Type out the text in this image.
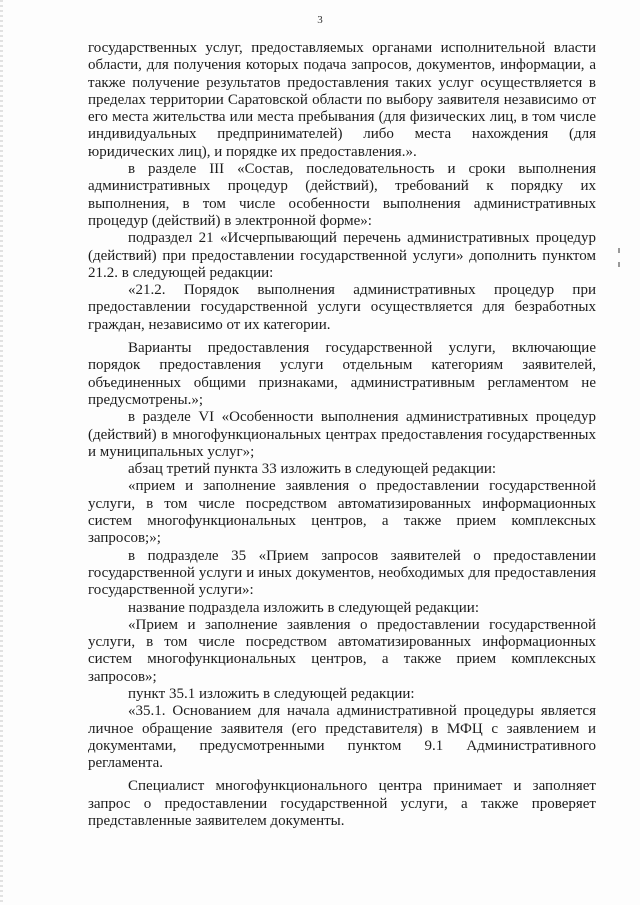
3

государственных услуг, предоставляемых органами исполнительной власти области, для получения которых подача запросов, документов, информации, а также получение результатов предоставления таких услуг осуществляется в пределах территории Саратовской области по выбору заявителя независимо от его места жительства или места пребывания (для физических лиц, в том числе индивидуальных предпринимателей) либо места нахождения (для юридических лиц), и порядке их предоставления.».

в разделе III «Состав, последовательность и сроки выполнения административных процедур (действий), требований к порядку их выполнения, в том числе особенности выполнения административных процедур (действий) в электронной форме»:

подраздел 21 «Исчерпывающий перечень административных процедур (действий) при предоставлении государственной услуги» дополнить пунктом 21.2. в следующей редакции:

«21.2. Порядок выполнения административных процедур при предоставлении государственной услуги осуществляется для безработных граждан, независимо от их категории.

Варианты предоставления государственной услуги, включающие порядок предоставления услуги отдельным категориям заявителей, объединенных общими признаками, административным регламентом не предусмотрены.»;

в разделе VI «Особенности выполнения административных процедур (действий) в многофункциональных центрах предоставления государственных и муниципальных услуг»;

абзац третий пункта 33 изложить в следующей редакции:

«прием и заполнение заявления о предоставлении государственной услуги, в том числе посредством автоматизированных информационных систем многофункциональных центров, а также прием комплексных запросов;»;

в подразделе 35 «Прием запросов заявителей о предоставлении государственной услуги и иных документов, необходимых для предоставления государственной услуги»:

название подраздела изложить в следующей редакции:

«Прием и заполнение заявления о предоставлении государственной услуги, в том числе посредством автоматизированных информационных систем многофункциональных центров, а также прием комплексных запросов»;

пункт 35.1 изложить в следующей редакции:

«35.1. Основанием для начала административной процедуры является личное обращение заявителя (его представителя) в МФЦ с заявлением и документами, предусмотренными пунктом 9.1 Административного регламента.

Специалист многофункционального центра принимает и заполняет запрос о предоставлении государственной услуги, а также проверяет представленные заявителем документы.
